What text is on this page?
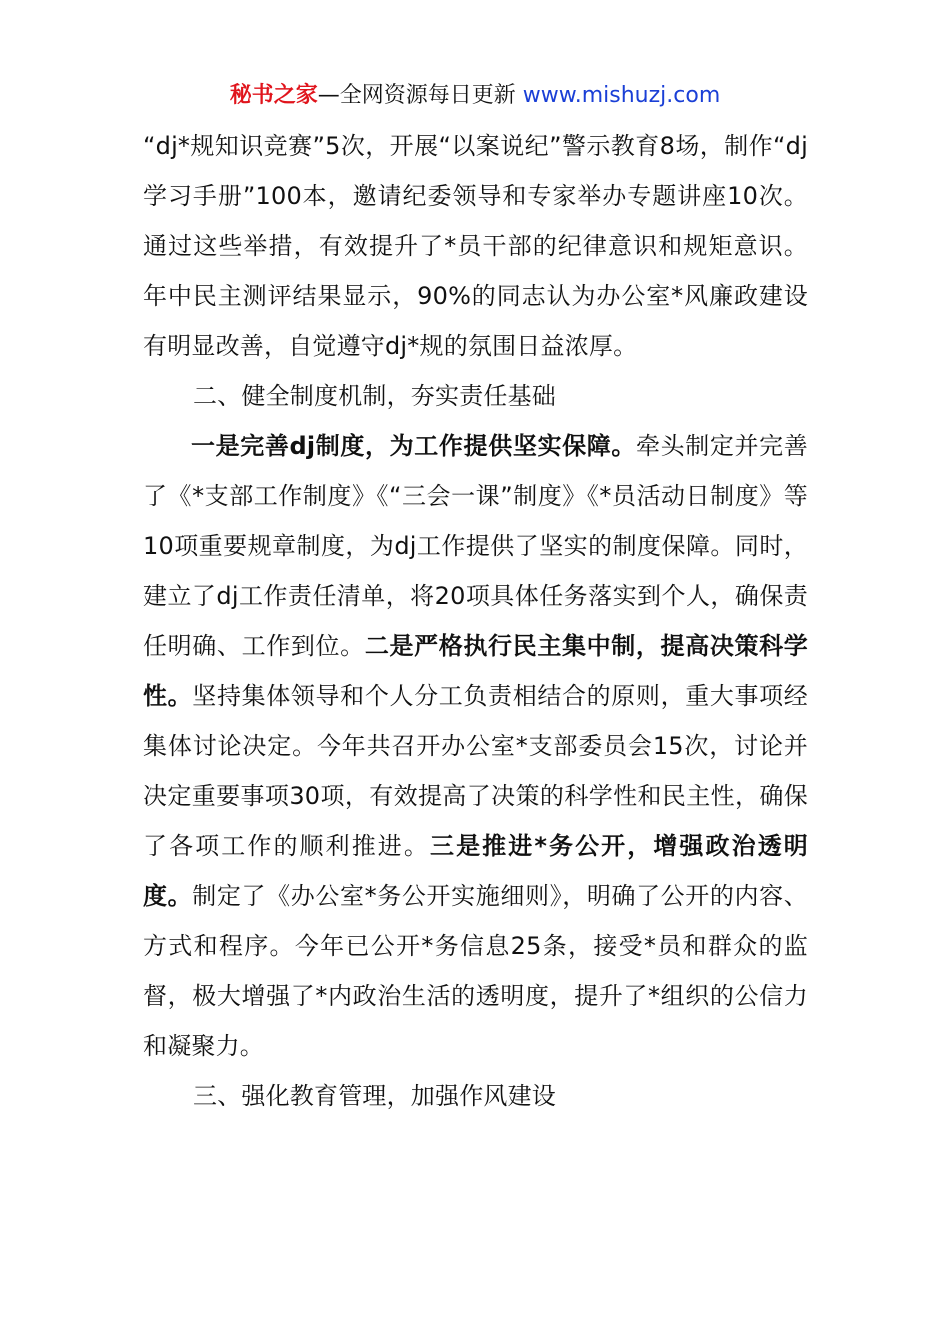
秘书之家—全网资源每日更新 www.mishuzj.com

“dj*规知识竞赛”5次，开展“以案说纪”警示教育8场，制作“dj学习手册”100本，邀请纪委领导和专家举办专题讲座10次。通过这些举措，有效提升了*员干部的纪律意识和规矩意识。年中民主测评结果显示，90%的同志认为办公室*风廉政建设有明显改善，自觉遵守dj*规的氛围日益浓厚。

二、健全制度机制，夯实责任基础

一是完善dj制度，为工作提供坚实保障。牵头制定并完善了《*支部工作制度》《“三会一课”制度》《*员活动日制度》等10项重要规章制度，为dj工作提供了坚实的制度保障。同时，建立了dj工作责任清单，将20项具体任务落实到个人，确保责任明确、工作到位。二是严格执行民主集中制，提高决策科学性。坚持集体领导和个人分工负责相结合的原则，重大事项经集体讨论决定。今年共召开办公室*支部委员会15次，讨论并决定重要事项30项，有效提高了决策的科学性和民主性，确保了各项工作的顺利推进。三是推进*务公开，增强政治透明度。制定了《办公室*务公开实施细则》，明确了公开的内容、方式和程序。今年已公开*务信息25条，接受*员和群众的监督，极大增强了*内政治生活的透明度，提升了*组织的公信力和凝聚力。

三、强化教育管理，加强作风建设
